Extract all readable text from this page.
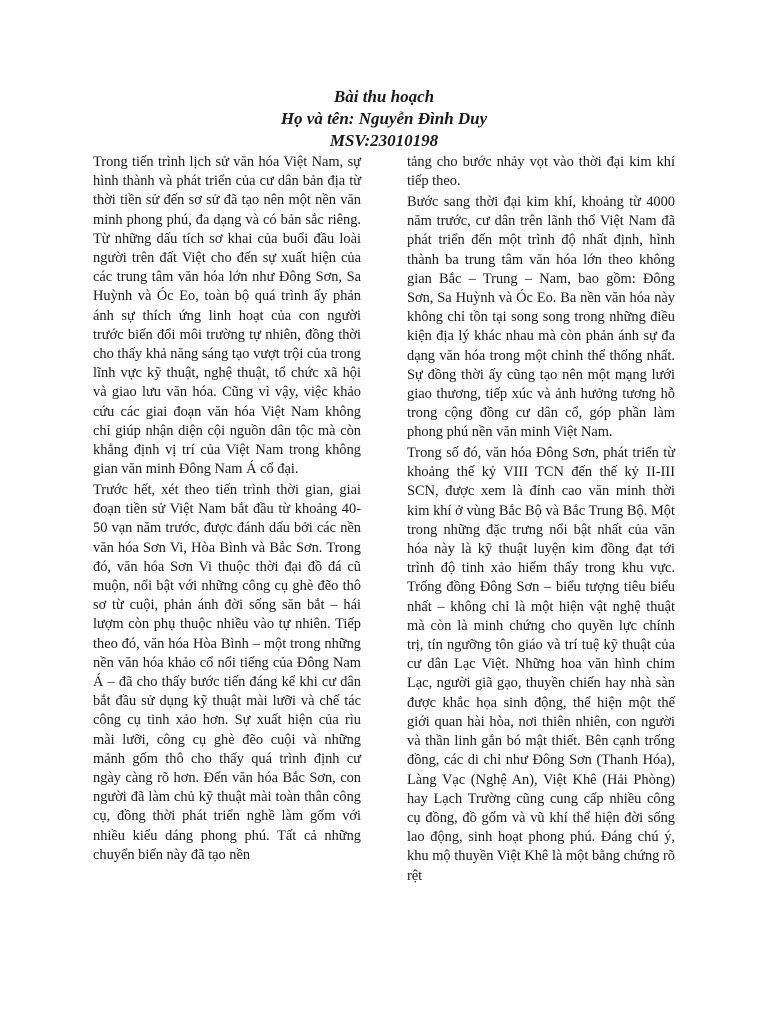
Bài thu hoạch
Họ và tên: Nguyễn Đình Duy
MSV:23010198

Trong tiến trình lịch sử văn hóa Việt Nam, sự hình thành và phát triển của cư dân bản địa từ thời tiền sử đến sơ sử đã tạo nên một nền văn minh phong phú, đa dạng và có bản sắc riêng. Từ những dấu tích sơ khai của buổi đầu loài người trên đất Việt cho đến sự xuất hiện của các trung tâm văn hóa lớn như Đông Sơn, Sa Huỳnh và Óc Eo, toàn bộ quá trình ấy phản ánh sự thích ứng linh hoạt của con người trước biến đổi môi trường tự nhiên, đồng thời cho thấy khả năng sáng tạo vượt trội của trong lĩnh vực kỹ thuật, nghệ thuật, tổ chức xã hội và giao lưu văn hóa. Cũng vì vậy, việc khảo cứu các giai đoạn văn hóa Việt Nam không chỉ giúp nhận diện cội nguồn dân tộc mà còn khẳng định vị trí của Việt Nam trong không gian văn minh Đông Nam Á cổ đại.

Trước hết, xét theo tiến trình thời gian, giai đoạn tiền sử Việt Nam bắt đầu từ khoảng 40-50 vạn năm trước, được đánh dấu bởi các nền văn hóa Sơn Vi, Hòa Bình và Bắc Sơn. Trong đó, văn hóa Sơn Vi thuộc thời đại đồ đá cũ muộn, nổi bật với những công cụ ghè đẽo thô sơ từ cuội, phản ánh đời sống săn bắt – hái lượm còn phụ thuộc nhiều vào tự nhiên. Tiếp theo đó, văn hóa Hòa Bình – một trong những nền văn hóa khảo cổ nổi tiếng của Đông Nam Á – đã cho thấy bước tiến đáng kể khi cư dân bắt đầu sử dụng kỹ thuật mài lưỡi và chế tác công cụ tinh xảo hơn. Sự xuất hiện của rìu mài lưỡi, công cụ ghè đẽo cuội và những mảnh gốm thô cho thấy quá trình định cư ngày càng rõ hơn. Đến văn hóa Bắc Sơn, con người đã làm chủ kỹ thuật mài toàn thân công cụ, đồng thời phát triển nghề làm gốm với nhiều kiểu dáng phong phú. Tất cả những chuyển biến này đã tạo nền

tảng cho bước nhảy vọt vào thời đại kim khí tiếp theo.

Bước sang thời đại kim khí, khoảng từ 4000 năm trước, cư dân trên lãnh thổ Việt Nam đã phát triển đến một trình độ nhất định, hình thành ba trung tâm văn hóa lớn theo không gian Bắc – Trung – Nam, bao gồm: Đông Sơn, Sa Huỳnh và Óc Eo. Ba nền văn hóa này không chỉ tồn tại song song trong những điều kiện địa lý khác nhau mà còn phản ánh sự đa dạng văn hóa trong một chỉnh thể thống nhất. Sự đồng thời ấy cũng tạo nên một mạng lưới giao thương, tiếp xúc và ảnh hưởng tương hỗ trong cộng đồng cư dân cổ, góp phần làm phong phú nền văn minh Việt Nam.

Trong số đó, văn hóa Đông Sơn, phát triển từ khoảng thế kỷ VIII TCN đến thế kỷ II-III SCN, được xem là đỉnh cao văn minh thời kim khí ở vùng Bắc Bộ và Bắc Trung Bộ. Một trong những đặc trưng nổi bật nhất của văn hóa này là kỹ thuật luyện kim đồng đạt tới trình độ tinh xảo hiếm thấy trong khu vực. Trống đồng Đông Sơn – biểu tượng tiêu biểu nhất – không chỉ là một hiện vật nghệ thuật mà còn là minh chứng cho quyền lực chính trị, tín ngưỡng tôn giáo và trí tuệ kỹ thuật của cư dân Lạc Việt. Những hoa văn hình chim Lạc, người giã gạo, thuyền chiến hay nhà sàn được khắc họa sinh động, thể hiện một thế giới quan hài hòa, nơi thiên nhiên, con người và thần linh gắn bó mật thiết. Bên cạnh trống đồng, các di chỉ như Đông Sơn (Thanh Hóa), Làng Vạc (Nghệ An), Việt Khê (Hải Phòng) hay Lạch Trường cũng cung cấp nhiều công cụ đồng, đồ gốm và vũ khí thể hiện đời sống lao động, sinh hoạt phong phú. Đáng chú ý, khu mộ thuyền Việt Khê là một bằng chứng rõ rệt
